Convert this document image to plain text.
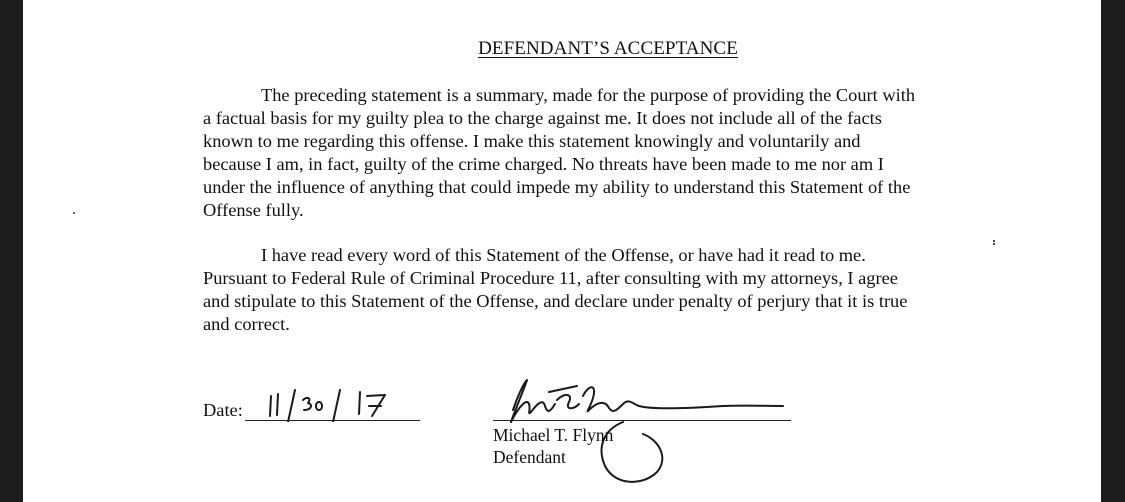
DEFENDANT’S ACCEPTANCE

The preceding statement is a summary, made for the purpose of providing the Court with
a factual basis for my guilty plea to the charge against me. It does not include all of the facts
known to me regarding this offense. I make this statement knowingly and voluntarily and
because I am, in fact, guilty of the crime charged. No threats have been made to me nor am I
under the influence of anything that could impede my ability to understand this Statement of the
Offense fully.

I have read every word of this Statement of the Offense, or have had it read to me.
Pursuant to Federal Rule of Criminal Procedure 11, after consulting with my attorneys, I agree
and stipulate to this Statement of the Offense, and declare under penalty of perjury that it is true
and correct.

Date:
Michael T. Flynn
Defendant
